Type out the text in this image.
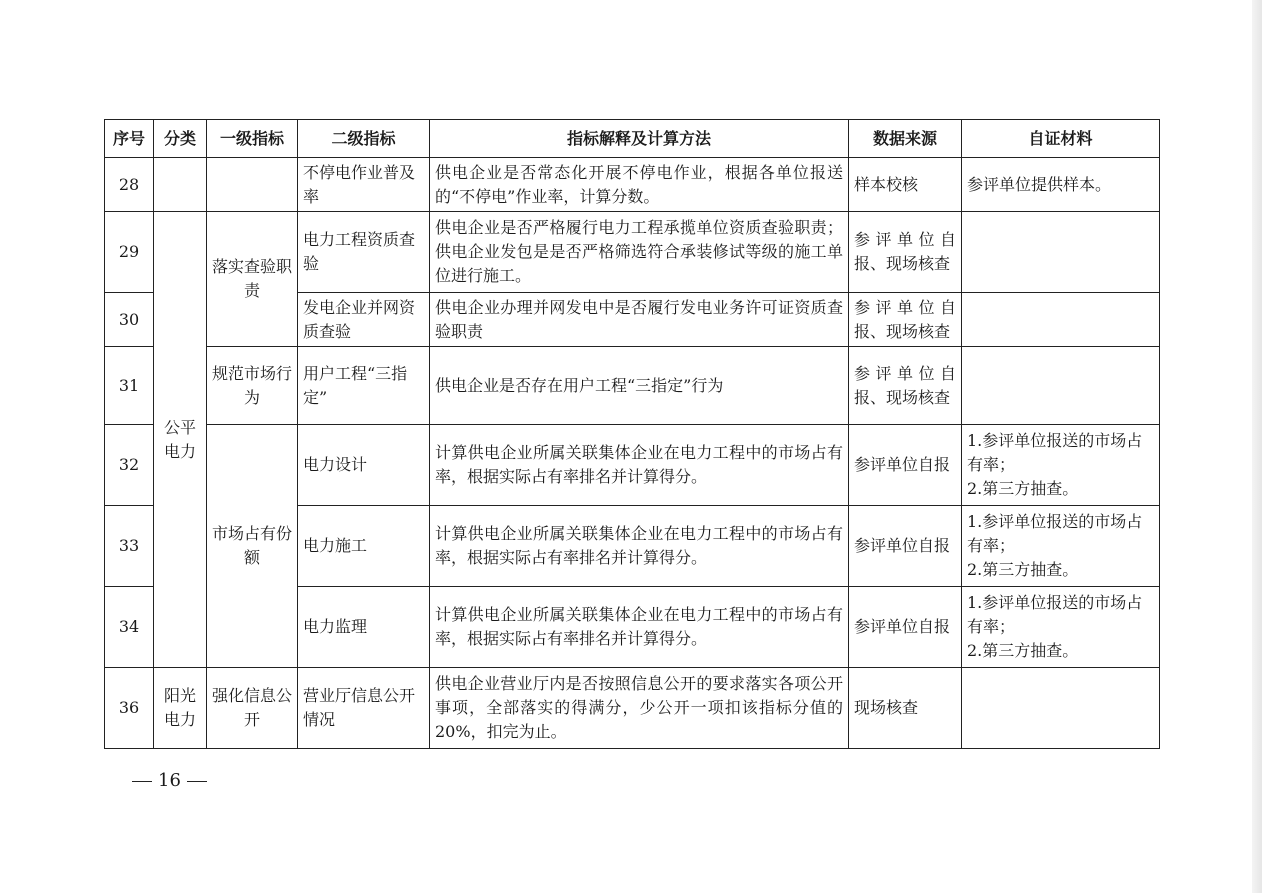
序号	分类	一级指标	二级指标	指标解释及计算方法	数据来源	自证材料
28			不停电作业普及率	供电企业是否常态化开展不停电作业，根据各单位报送的“不停电”作业率，计算分数。	样本校核	参评单位提供样本。
29	公平电力	落实查验职责	电力工程资质查验	供电企业是否严格履行电力工程承揽单位资质查验职责；供电企业发包是是否严格筛选符合承装修试等级的施工单位进行施工。	参评单位自报、现场核查	
30			发电企业并网资质查验	供电企业办理并网发电中是否履行发电业务许可证资质查验职责	参评单位自报、现场核查	
31		规范市场行为	用户工程“三指定”	供电企业是否存在用户工程“三指定”行为	参评单位自报、现场核查	
32		市场占有份额	电力设计	计算供电企业所属关联集体企业在电力工程中的市场占有率，根据实际占有率排名并计算得分。	参评单位自报	1.参评单位报送的市场占有率；
2.第三方抽查。

33			电力施工	计算供电企业所属关联集体企业在电力工程中的市场占有率，根据实际占有率排名并计算得分。	参评单位自报	1.参评单位报送的市场占有率；
2.第三方抽查。

34			电力监理	计算供电企业所属关联集体企业在电力工程中的市场占有率，根据实际占有率排名并计算得分。	参评单位自报	1.参评单位报送的市场占有率；
2.第三方抽查。

36	阳光电力	强化信息公开	营业厅信息公开情况	供电企业营业厅内是否按照信息公开的要求落实各项公开事项，全部落实的得满分，少公开一项扣该指标分值的 20%，扣完为止。	现场核查	
16
